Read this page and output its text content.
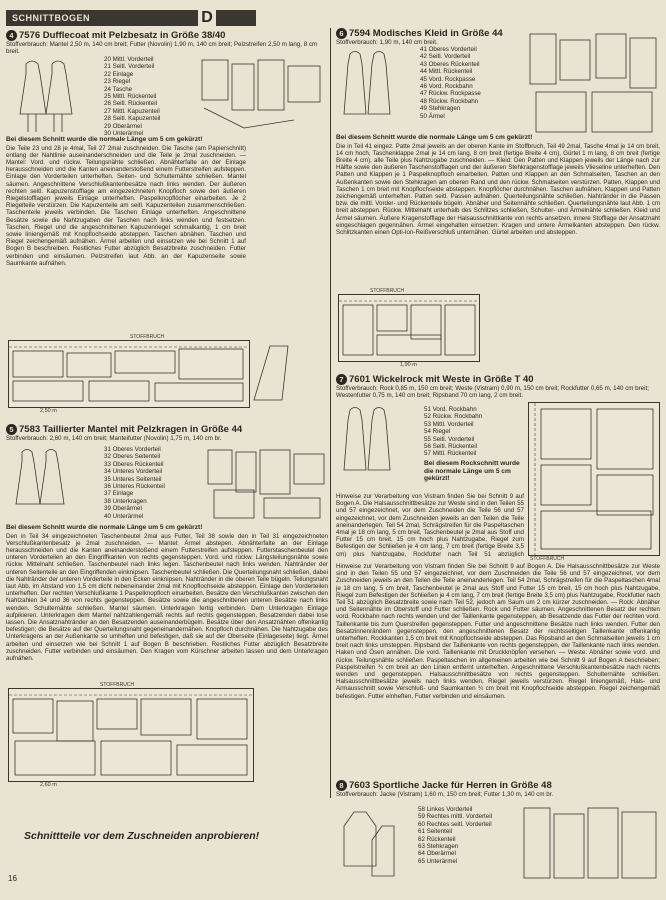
SCHNITTBOGEN	D
4 7576 Dufflecoat mit Pelzbesatz in Größe 38/40
Stoffverbrauch: Mantel 2,50 m, 140 cm breit; Futter (Novolin) 1,90 m, 140 cm breit; Pelzstreifen 2,50 m lang, 8 cm breit.
20 Mittl. Vorderteil
21 Seitl. Vorderteil
22 Einlage
23 Riegel
24 Tasche
25 Mittl. Rückenteil
26 Seitl. Rückenteil
27 Mittl. Kapuzenteil
28 Seitl. Kapuzenteil
29 Oberärmel
30 Unterärmel
Bei diesem Schnitt wurde die normale Länge um 5 cm gekürzt!
Die Teile 23 und 28 je 4mal, Teil 27 2mal zuschneiden. Die Tasche (am Papierschnitt) entlang der Nahtlinie auseinanderschneiden und die Teile je 2mal zuschneiden. — Mantel: Vord. und rückw. Teilungsnähte schließen. Abnähterfalte an der Einlage herausschneiden und die Kanten aneinanderstoßend einem Futterstreifen aufsteppen. Einlage den Vorderteilen unterheften. Seiten- und Schulternähte schließen. Mantel säumen. Angeschnittene Verschlußkantenbesätze nach links wenden. Der äußeren rechten seitl. Kapuzenstofflage am eingezeichneten Knopfloch sowie den äußeren Riegelstofflagen jeweils Einlage unterheften. Paspelknopflöcher einarbeiten. Je 2 Riegelteile verstürzen. Die Kapuzenteile am seitl. Kapuzenteilen zusammenschließen. Taschenteile jeweils verbinden. Die Taschen Einlage unterheften. Angeschnittene Besätze sowie die Nahtzugaben der Taschen nach links wenden und festsetzen. Taschen, Riegel und die angeschnittenen Kapuzenriegel schmalkantig, 1 cm breit sowie Iiniengemäß mit Knopflochseide absteppen. Taschen abnähen. Taschen und Riegel zeichengemäß aufnähen. Ärmel arbeiten und einsetzen wie bei Schnitt 1 auf Bogen B beschreiben. Restliches Futter abzüglich Besatzbreite zuschneiden. Futter verbinden und einsäumen. Pelzstreifen laut Abb. an der Kapuzenseite sowie Saumkante aufnähen.
STOFFBRUCH
2,50 m
5 7583 Taillierter Mantel mit Pelzkragen in Größe 44
Stoffverbrauch: 2,60 m, 140 cm breit; Manteifutter (Novolin) 1,75 m, 140 cm br.
31 Oberes Vorderteil
32 Oberes Seitenteil
33 Oberes Rückenteil
34 Unteres Vorderteil
35 Unteres Seitenteil
36 Unteres Rückenteil
37 Einlage
38 Unterkragen
39 Oberärmel
40 Unterärmel
Bei diesem Schnitt wurde die normale Länge um 5 cm gekürzt!
Den in Teil 34 eingezeichneten Taschenbeutel 2mal aus Futter, Teil 38 sowie den in Teil 31 eingezeichneten Verschlußkantenbesatz je 2mal zuschneiden. — Mantel: Ärmel abstepen. Abnähterfalte an der Einlage herausschneiden und die Kanten aneinanderstoßend einem Futterstreifen aufsteppen. Futterstaschenbeutel den unteren Vorderteilen an den Eingriffkanten von rechts gegensteppen. Vord. und rückw. Längsteilungsnähte sowie rückw. Mittelnaht schließen. Taschenbeutel nach links legen. Taschenbeutel nach links wenden. Nahtränder der unteren Seitenteile an den Eingriffenden einknipsen. Taschenbeutel schließen. Die Querteilungsnaht schließen, dabei die Nahtränder der unteren Vorderteile in den Ecken einknipsen. Nahtränder in die oberen Teile bügeln. Teilungsnaht laut Abb. im Abstand von 1,5 cm dicht nebeneinander 2mal mit Knopflochseide absteppen. Einlage den Vorderteilen unterheften. Der rechten Verschlußkante 1 Paspelknopfloch einarbeiten. Besätze den Verschlußkanten zwischen den Nahtzahlen 34 und 36 von rechts gegensteppen. Besätze sowie die angeschnittenen unteren Besätze nach links wenden. Schulternähte schließen. Mantel säumen. Unterkragen fertig verbinden. Dem Unterkragen Einlage aufpikieren. Unterkragen dem Mantel nahtzahlengemäß rechts auf rechts gegensteppen, Besatzenden dabei lose lassen. Die Ansatznahtränder an den Besatzenden auseinanderbügeln. Besätze über den Ansatznähten offenkantig befestigen; die Besätze auf der Querteilungsnaht gegeneinandernähen. Knopfloch durchnähen. Die Nahtzugabe des Unterkragens an der Außenkante so umheften und befestigen, daß sie auf der Oberseite (Einlageseite) liegt. Ärmel arbeiten und einsetzen wie bei Schnitt 1 auf Bogen B beschrieben. Restliches Futter abzüglich Besatzbreite zuschneiden. Futter verbinden und einsäumen. Den Kragen vom Kürschner arbeiten lassen und dem Unterkragen aufnähen.
STOFFBRUCH
2,60 m
6 7594 Modisches Kleid in Größe 44
Stoffverbrauch: 1,90 m, 140 cm breit.
41 Oberes Vorderteil
42 Seitl. Vorderteil
43 Oberes Rückenteil
44 Mittl. Rückenteil
45 Vord. Rockpasse
46 Vord. Rockbahn
47 Rückw. Rockpasse
48 Rückw. Rockbahn
49 Stehkragen
50 Ärmel
Bei diesem Schnitt wurde die normale Länge um 5 cm gekürzt!
Die in Teil 41 eingez. Patte 2mal jeweils an der oberen Kante im Stoffbruch, Teil 49 2mal, Tasche 4mal je 14 cm breit, 14 cm hoch, Taschenklappe 2mal je 14 cm lang, 8 cm breit (fertige Breite 4 cm), Gürtel 1 m lang, 8 cm breit (fertige Breite 4 cm), alle Teile plus Nahtzugabe zuschneiden. — Kleid: Den Patten und Klappen jeweils der Länge nach zur Hälfte sowie den äußeren Taschenstofflagen und der äußeren Stehkragenstofflage jeweils Vlieseline unterheften. Den Patten und Klappen je 1 Paspelknopfloch einarbeiten. Patten und Klappen an den Schmalseiten, Taschen an den Außenkanten sowie den Stehkragen am oberen Rand und den rückw. Schmalseiten verstürzen. Patten, Klappen und Taschen 1 cm breit mit Knopflochseide absteppen. Knopflöcher durchnähen. Taschen aufnähen, Klappen und Patten zeichengemäß unterheften. Patten seitl. Passen aufnähen. Querteilungsnähte schließen. Nahtränder in die Passen bzw. die mittl. Vorder- und Rückenteile bügeln. Abnäher und Seitennähte schließen. Querteilungsnähte laut Abb. 1 cm breit absteppen. Rückw. Mittelnaht unterhalb des Schlitzes schließen, Schulter- und Ärmelnähte schließen. Kleid und Ärmel säumen. Äußere Kragenstofflage der Halsausschnittkante von rechts ansetzen, innere Stofflage der Ansatznaht eingeschlagen gegennähen. Ärmel eingehalten einsetzen. Kragen und untere Ärmelkanten absteppen. Den rückw. Schlitzkanten einen Opti-Ion-Reißverschluß unternähen. Gürtel arbeiten und absteppen.
STOFFBRUCH
1,90 m
7 7601 Wickelrock mit Weste in Größe T 40
Stoffverbrauch: Rock 0,85 m, 150 cm breit; Weste (Vistram) 0,90 m, 150 cm breit; Rockfutter 0,65 m, 140 cm breit; Westenfutter 0,75 m, 140 cm breit; Ripsband 70 cm lang, 2 cm breit.
51 Vord. Rockbahn
52 Rückw. Rockbahn
53 Mittl. Vorderteil
54 Riegel
55 Seitl. Vorderteil
56 Seitl. Rückenteil
57 Mittl. Rückenteil
Bei diesem Rockschnitt wurde die normale Länge um 5 cm gekürzt!
STOFFBRUCH
Hinweise zur Verarbeitung von Vistram finden Sie bei Schnitt 9 auf Bogen A. Die Halsausschnittbesätze zur Weste sind in den Teilen 55 und 57 eingezeichnet, vor dem Zuschneiden die Teile 56 und 57 eingezeichnet, vor dem Zuschneiden jeweils an den Teilen die Teile aneinanderlegen. Teil 54 2mal, Schrägstreifen für die Paspeltaschen 4mal je 18 cm lang, 5 cm breit, Taschenbeutel je 2mal aus Stoff und Futter 15 cm breit, 15 cm hoch plus Nahtzugabe, Riegel zum Befestigen der Schließen je 4 cm lang, 7 cm breit (fertige Breite 3,5 cm) plus Nahtzugabe, Rockfutter nach Teil 51 abzüglich
Hinweise zur Verarbeitung von Vistram finden Sie bei Schnitt 9 auf Bogen A. Die Halsausschnittbesätze zur Weste sind in den Teilen 55 und 57 eingezeichnet, vor dem Zuschneiden die Teile 56 und 57 eingezeichnet, vor dem Zuschneiden jeweils an den Teilen die Teile aneinanderlegen. Teil 54 2mal, Schrägstreifen für die Paspeltaschen 4mal je 18 cm lang, 5 cm breit, Taschenbeutel je 2mal aus Stoff und Futter 15 cm breit, 15 cm hoch plus Nahtzugabe, Riegel zum Befestigen der Schließen je 4 cm lang, 7 cm breit (fertige Breite 3,5 cm) plus Nahtzugabe, Rockfutter nach Teil 51 abzüglich Besatzbreite sowie nach Teil 52, jedoch am Saum um 2 cm kürzer zuschneiden. — Rock: Abnäher und Seitennähte im Oberstoff und Futter schließen. Rock und Futter säumen. Angeschnittenen Besatz der rechten vord. Rockbahn nach rechts wenden und der Taillenkante gegensteppen, ab Besatzende das Futter der rechten vord. Taillenkante bis zum Querstreifen gegensteppen. Futter und angeschnittene Besätze nach links wenden. Futter den Besatzinnenrändern gegensteppen, den angeschnittenen Besatz der rechtsseitigen Taillenkante offenkantig unterheften. Rockkanten 1,5 cm breit mit Knopflochseide absteppen. Das Ripsband an den Schmalseiten jeweils 1 cm breit nach links umsteppen. Ripsband der Taillenkante von rechts gegensteppen, der Taillenkante nach links wenden. Haken und Ösen annähen. Die vord. Taillenkante mit Druckknöpfen versehen. — Weste: Abnäher sowie vord. und rückw. Teilungsnähte schließen. Paspeltaschen im allgemeinen arbeiten wie bei Schnitt 9 auf Bogen A beschrieben; Paspelstreifen ¾ cm breit an den Linien entfernt unterheften. Angeschnittene Verschlußkantenbesätze nach rechts wenden und gegensteppen. Halsausschnittbesätze von rechts gegensteppen. Schulternähte schließen. Halsausschnittbesätze jeweils nach links wenden, Riegel jeweils verstürzen. Riegel Iiniengemäß, Hals- und Armausschnitt sowie Verschluß- und Saumkanten ¾ cm breit mit Knopflochseide absteppen. Riegel zeichengemäß befestigen. Futter einheften, Futter verbinden und einsäumen.
8 7603 Sportliche Jacke für Herren in Größe 48
Stoffverbrauch: Jacke (Vistram) 1,60 m, 150 cm breit; Futter 1,30 m, 140 cm br.
58 Linkes Vorderteil
59 Rechtes mittl. Vorderteil
60 Rechtes seitl. Vorderteil
61 Seitenteil
62 Rückenteil
63 Stehkragen
64 Oberärmel
65 Unterärmel
Schnittteile vor dem Zuschneiden anprobieren!
16
